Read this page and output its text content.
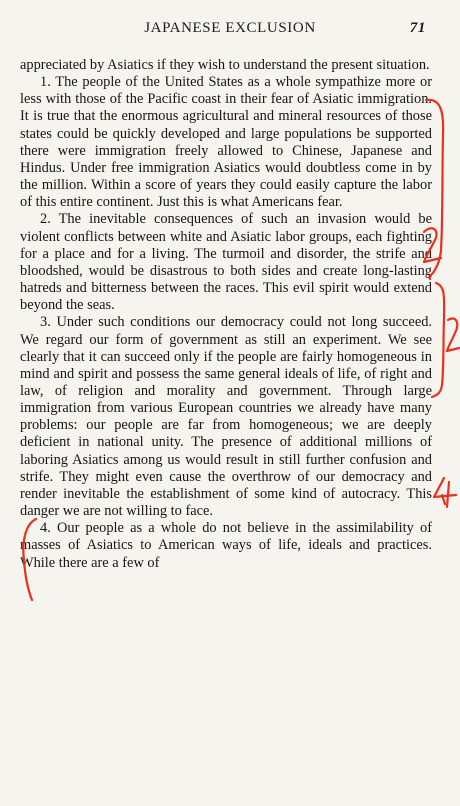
JAPANESE EXCLUSION	71

appreciated by Asiatics if they wish to understand the present situation.

1. The people of the United States as a whole sympathize more or less with those of the Pacific coast in their fear of Asiatic immigration. It is true that the enormous agricultural and mineral resources of those states could be quickly developed and large populations be supported there were immigration freely allowed to Chinese, Japanese and Hindus. Under free immigration Asiatics would doubtless come in by the million. Within a score of years they could easily capture the labor of this entire continent. Just this is what Americans fear.

2. The inevitable consequences of such an invasion would be violent conflicts between white and Asiatic labor groups, each fighting for a place and for a living. The turmoil and disorder, the strife and bloodshed, would be disastrous to both sides and create long-lasting hatreds and bitterness between the races. This evil spirit would extend beyond the seas.

3. Under such conditions our democracy could not long succeed. We regard our form of government as still an experiment. We see clearly that it can succeed only if the people are fairly homogeneous in mind and spirit and possess the same general ideals of life, of right and law, of religion and morality and government. Through large immigration from various European countries we already have many problems: our people are far from homogeneous; we are deeply deficient in national unity. The presence of additional millions of laboring Asiatics among us would result in still further confusion and strife. They might even cause the overthrow of our democracy and render inevitable the establishment of some kind of autocracy. This danger we are not willing to face.

4. Our people as a whole do not believe in the assimilability of masses of Asiatics to American ways of life, ideals and practices. While there are a few of
